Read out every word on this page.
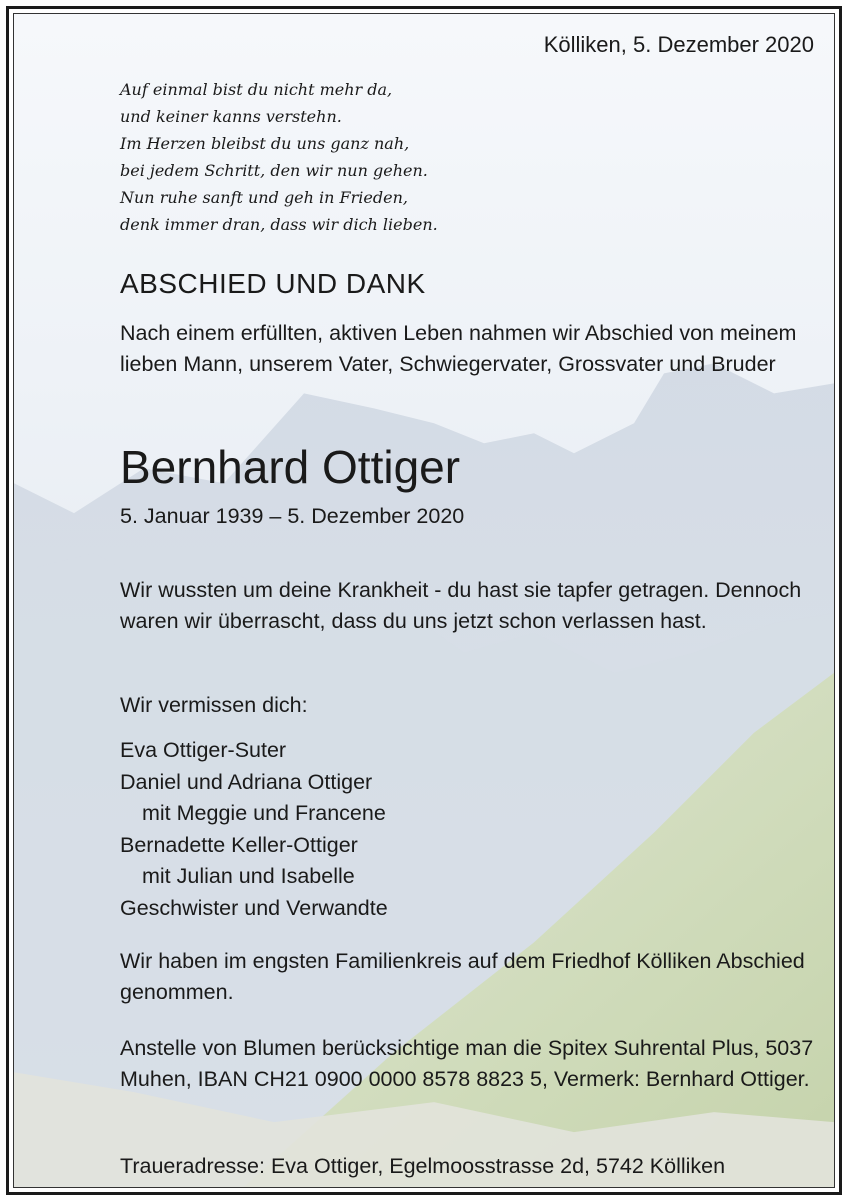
Kölliken, 5. Dezember 2020
Auf einmal bist du nicht mehr da,
und keiner kanns verstehn.
Im Herzen bleibst du uns ganz nah,
bei jedem Schritt, den wir nun gehen.
Nun ruhe sanft und geh in Frieden,
denk immer dran, dass wir dich lieben.
ABSCHIED UND DANK
Nach einem erfüllten, aktiven Leben nahmen wir Abschied von meinem lieben Mann, unserem Vater, Schwiegervater, Grossvater und Bruder
Bernhard Ottiger
5. Januar 1939 – 5. Dezember 2020
Wir wussten um deine Krankheit - du hast sie tapfer getragen. Dennoch waren wir überrascht, dass du uns jetzt schon verlassen hast.
Wir vermissen dich:
Eva Ottiger-Suter
Daniel und Adriana Ottiger
mit Meggie und Francene
Bernadette Keller-Ottiger
mit Julian und Isabelle
Geschwister und Verwandte
Wir haben im engsten Familienkreis auf dem Friedhof Kölliken Abschied genommen.
Anstelle von Blumen berücksichtige man die Spitex Suhrental Plus, 5037 Muhen, IBAN CH21 0900 0000 8578 8823 5, Vermerk: Bernhard Ottiger.
Traueradresse: Eva Ottiger, Egelmoosstrasse 2d, 5742 Kölliken
